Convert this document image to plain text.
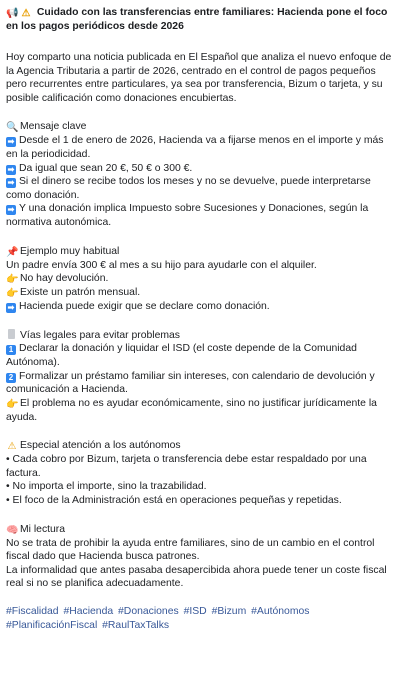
📢 ⚠ Cuidado con las transferencias entre familiares: Hacienda pone el foco en los pagos periódicos desde 2026

Hoy comparto una noticia publicada en El Español que analiza el nuevo enfoque de la Agencia Tributaria a partir de 2026, centrado en el control de pagos pequeños pero recurrentes entre particulares, ya sea por transferencia, Bizum o tarjeta, y su posible calificación como donaciones encubiertas.

🔍 Mensaje clave
➡ Desde el 1 de enero de 2026, Hacienda va a fijarse menos en el importe y más en la periodicidad.
➡ Da igual que sean 20 €, 50 € o 300 €.
➡ Si el dinero se recibe todos los meses y no se devuelve, puede interpretarse como donación.
➡ Y una donación implica Impuesto sobre Sucesiones y Donaciones, según la normativa autonómica.
📌 Ejemplo muy habitual
Un padre envía 300 € al mes a su hijo para ayudarle con el alquiler.
👉 No hay devolución.
👉 Existe un patrón mensual.
➡ Hacienda puede exigir que se declare como donación.
Vías legales para evitar problemas
1 Declarar la donación y liquidar el ISD (el coste depende de la Comunidad Autónoma).
2 Formalizar un préstamo familiar sin intereses, con calendario de devolución y comunicación a Hacienda.
👉 El problema no es ayudar económicamente, sino no justificar jurídicamente la ayuda.
⚠ Especial atención a los autónomos
• Cada cobro por Bizum, tarjeta o transferencia debe estar respaldado por una factura.
• No importa el importe, sino la trazabilidad.
• El foco de la Administración está en operaciones pequeñas y repetidas.
🧠 Mi lectura
No se trata de prohibir la ayuda entre familiares, sino de un cambio en el control fiscal dado que Hacienda busca patrones.
La informalidad que antes pasaba desapercibida ahora puede tener un coste fiscal real si no se planifica adecuadamente.
#Fiscalidad #Hacienda #Donaciones #ISD #Bizum #Autónomos #PlanificaciónFiscal #RaulTaxTalks
